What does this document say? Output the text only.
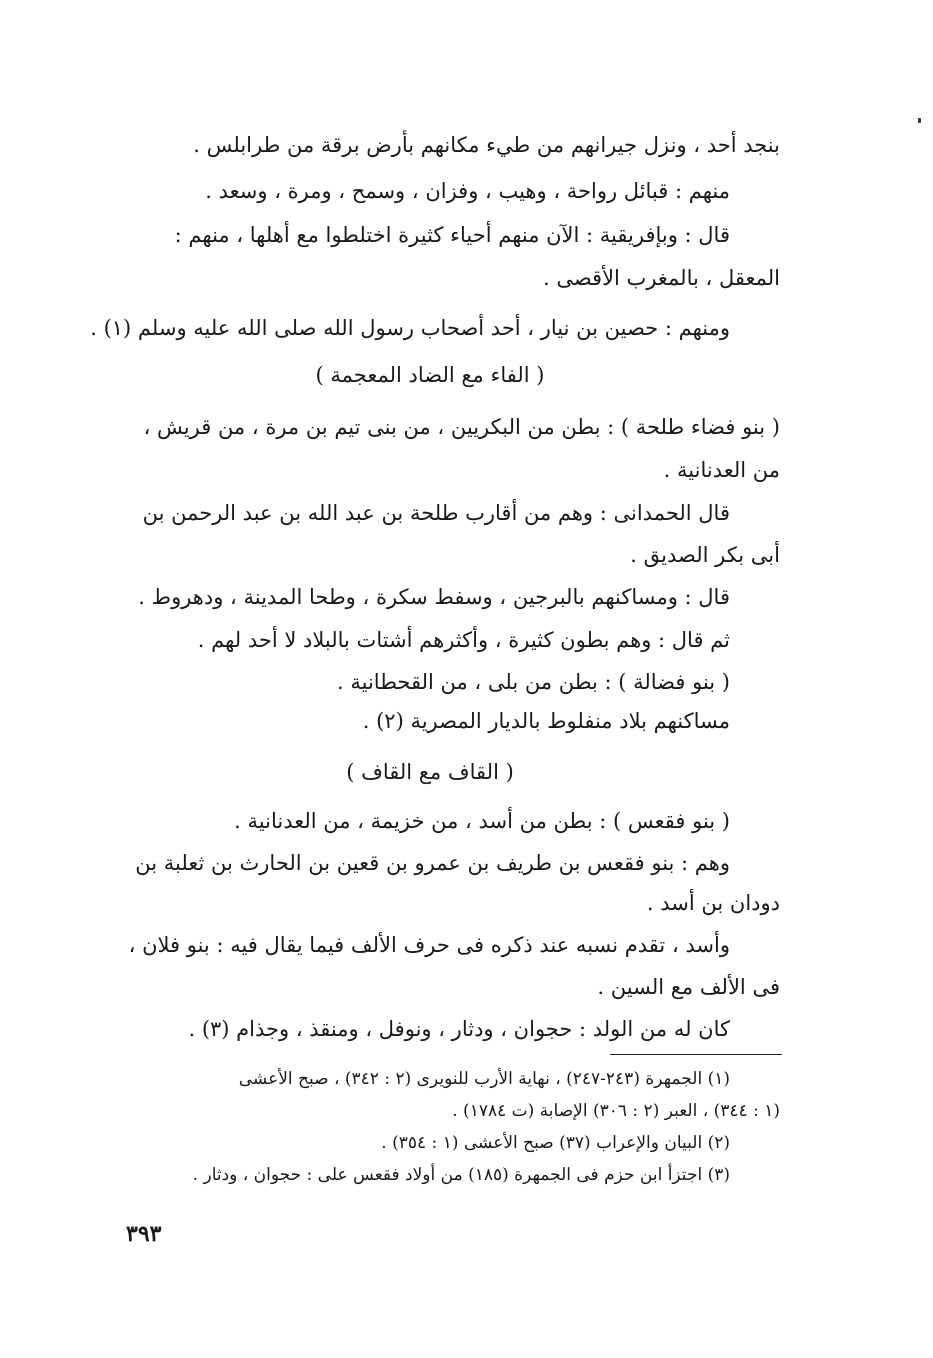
بنجد أحد ، ونزل جيرانهم من طيء مكانهم بأرض برقة من طرابلس .
منهم : قبائل رواحة ، وهيب ، وفزان ، وسمح ، ومرة ، وسعد .
قال : وبإفريقية : الآن منهم أحياء كثيرة اختلطوا مع أهلها ، منهم :
المعقل ، بالمغرب الأقصى .
ومنهم : حصين بن نيار ، أحد أصحاب رسول الله صلى الله عليه وسلم (١) .
( الفاء مع الضاد المعجمة )
( بنو فضاء طلحة ) : بطن من البكريين ، من بنى تيم بن مرة ، من قريش ،
من العدنانية .
قال الحمدانى : وهم من أقارب طلحة بن عبد الله بن عبد الرحمن بن
أبى بكر الصديق .
قال : ومساكنهم بالبرجين ، وسفط سكرة ، وطحا المدينة ، ودهروط .
ثم قال : وهم بطون كثيرة ، وأكثرهم أشتات بالبلاد لا أحد لهم .
( بنو فضالة ) : بطن من بلى ، من القحطانية .
مساكنهم بلاد منفلوط بالديار المصرية (٢) .
( القاف مع القاف )
( بنو فقعس ) : بطن من أسد ، من خزيمة ، من العدنانية .
وهم : بنو فقعس بن طريف بن عمرو بن قعين بن الحارث بن ثعلبة بن
دودان بن أسد .
وأسد ، تقدم نسبه عند ذكره فى حرف الألف فيما يقال فيه : بنو فلان ،
فى الألف مع السين .
كان له من الولد : حجوان ، ودثار ، ونوفل ، ومنقذ ، وجذام (٣) .
(١) الجمهرة (٢٤٣-٢٤٧) ، نهاية الأرب للنويرى (٢ : ٣٤٢) ، صبح الأعشى
(١ : ٣٤٤) ، العبر (٢ : ٣٠٦) الإصابة (ت ١٧٨٤) .
(٢) البيان والإعراب (٣٧) صبح الأعشى (١ : ٣٥٤) .
(٣) اجتزأ ابن حزم فى الجمهرة (١٨٥) من أولاد فقعس على : حجوان ، ودثار .
٣٩٣
